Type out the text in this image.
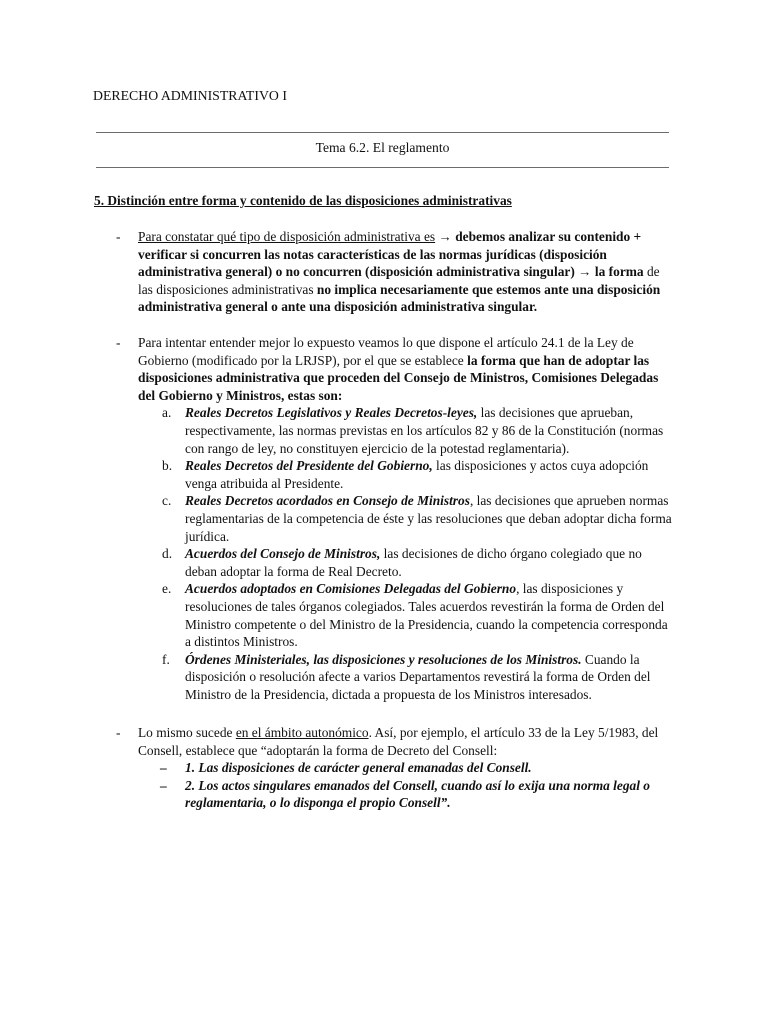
DERECHO ADMINISTRATIVO I
Tema 6.2. El reglamento
5. Distinción entre forma y contenido de las disposiciones administrativas
- Para constatar qué tipo de disposición administrativa es → debemos analizar su contenido + verificar si concurren las notas características de las normas jurídicas (disposición administrativa general) o no concurren (disposición administrativa singular) → la forma de las disposiciones administrativas no implica necesariamente que estemos ante una disposición administrativa general o ante una disposición administrativa singular.
- Para intentar entender mejor lo expuesto veamos lo que dispone el artículo 24.1 de la Ley de Gobierno (modificado por la LRJSP), por el que se establece la forma que han de adoptar las disposiciones administrativa que proceden del Consejo de Ministros, Comisiones Delegadas del Gobierno y Ministros, estas son:
a. Reales Decretos Legislativos y Reales Decretos-leyes, las decisiones que aprueban, respectivamente, las normas previstas en los artículos 82 y 86 de la Constitución (normas con rango de ley, no constituyen ejercicio de la potestad reglamentaria).
b. Reales Decretos del Presidente del Gobierno, las disposiciones y actos cuya adopción venga atribuida al Presidente.
c. Reales Decretos acordados en Consejo de Ministros, las decisiones que aprueben normas reglamentarias de la competencia de éste y las resoluciones que deban adoptar dicha forma jurídica.
d. Acuerdos del Consejo de Ministros, las decisiones de dicho órgano colegiado que no deban adoptar la forma de Real Decreto.
e. Acuerdos adoptados en Comisiones Delegadas del Gobierno, las disposiciones y resoluciones de tales órganos colegiados. Tales acuerdos revestirán la forma de Orden del Ministro competente o del Ministro de la Presidencia, cuando la competencia corresponda a distintos Ministros.
f. Órdenes Ministeriales, las disposiciones y resoluciones de los Ministros. Cuando la disposición o resolución afecte a varios Departamentos revestirá la forma de Orden del Ministro de la Presidencia, dictada a propuesta de los Ministros interesados.
- Lo mismo sucede en el ámbito autonómico. Así, por ejemplo, el artículo 33 de la Ley 5/1983, del Consell, establece que “adoptarán la forma de Decreto del Consell:
– 1. Las disposiciones de carácter general emanadas del Consell.
– 2. Los actos singulares emanados del Consell, cuando así lo exija una norma legal o reglamentaria, o lo disponga el propio Consell”.
